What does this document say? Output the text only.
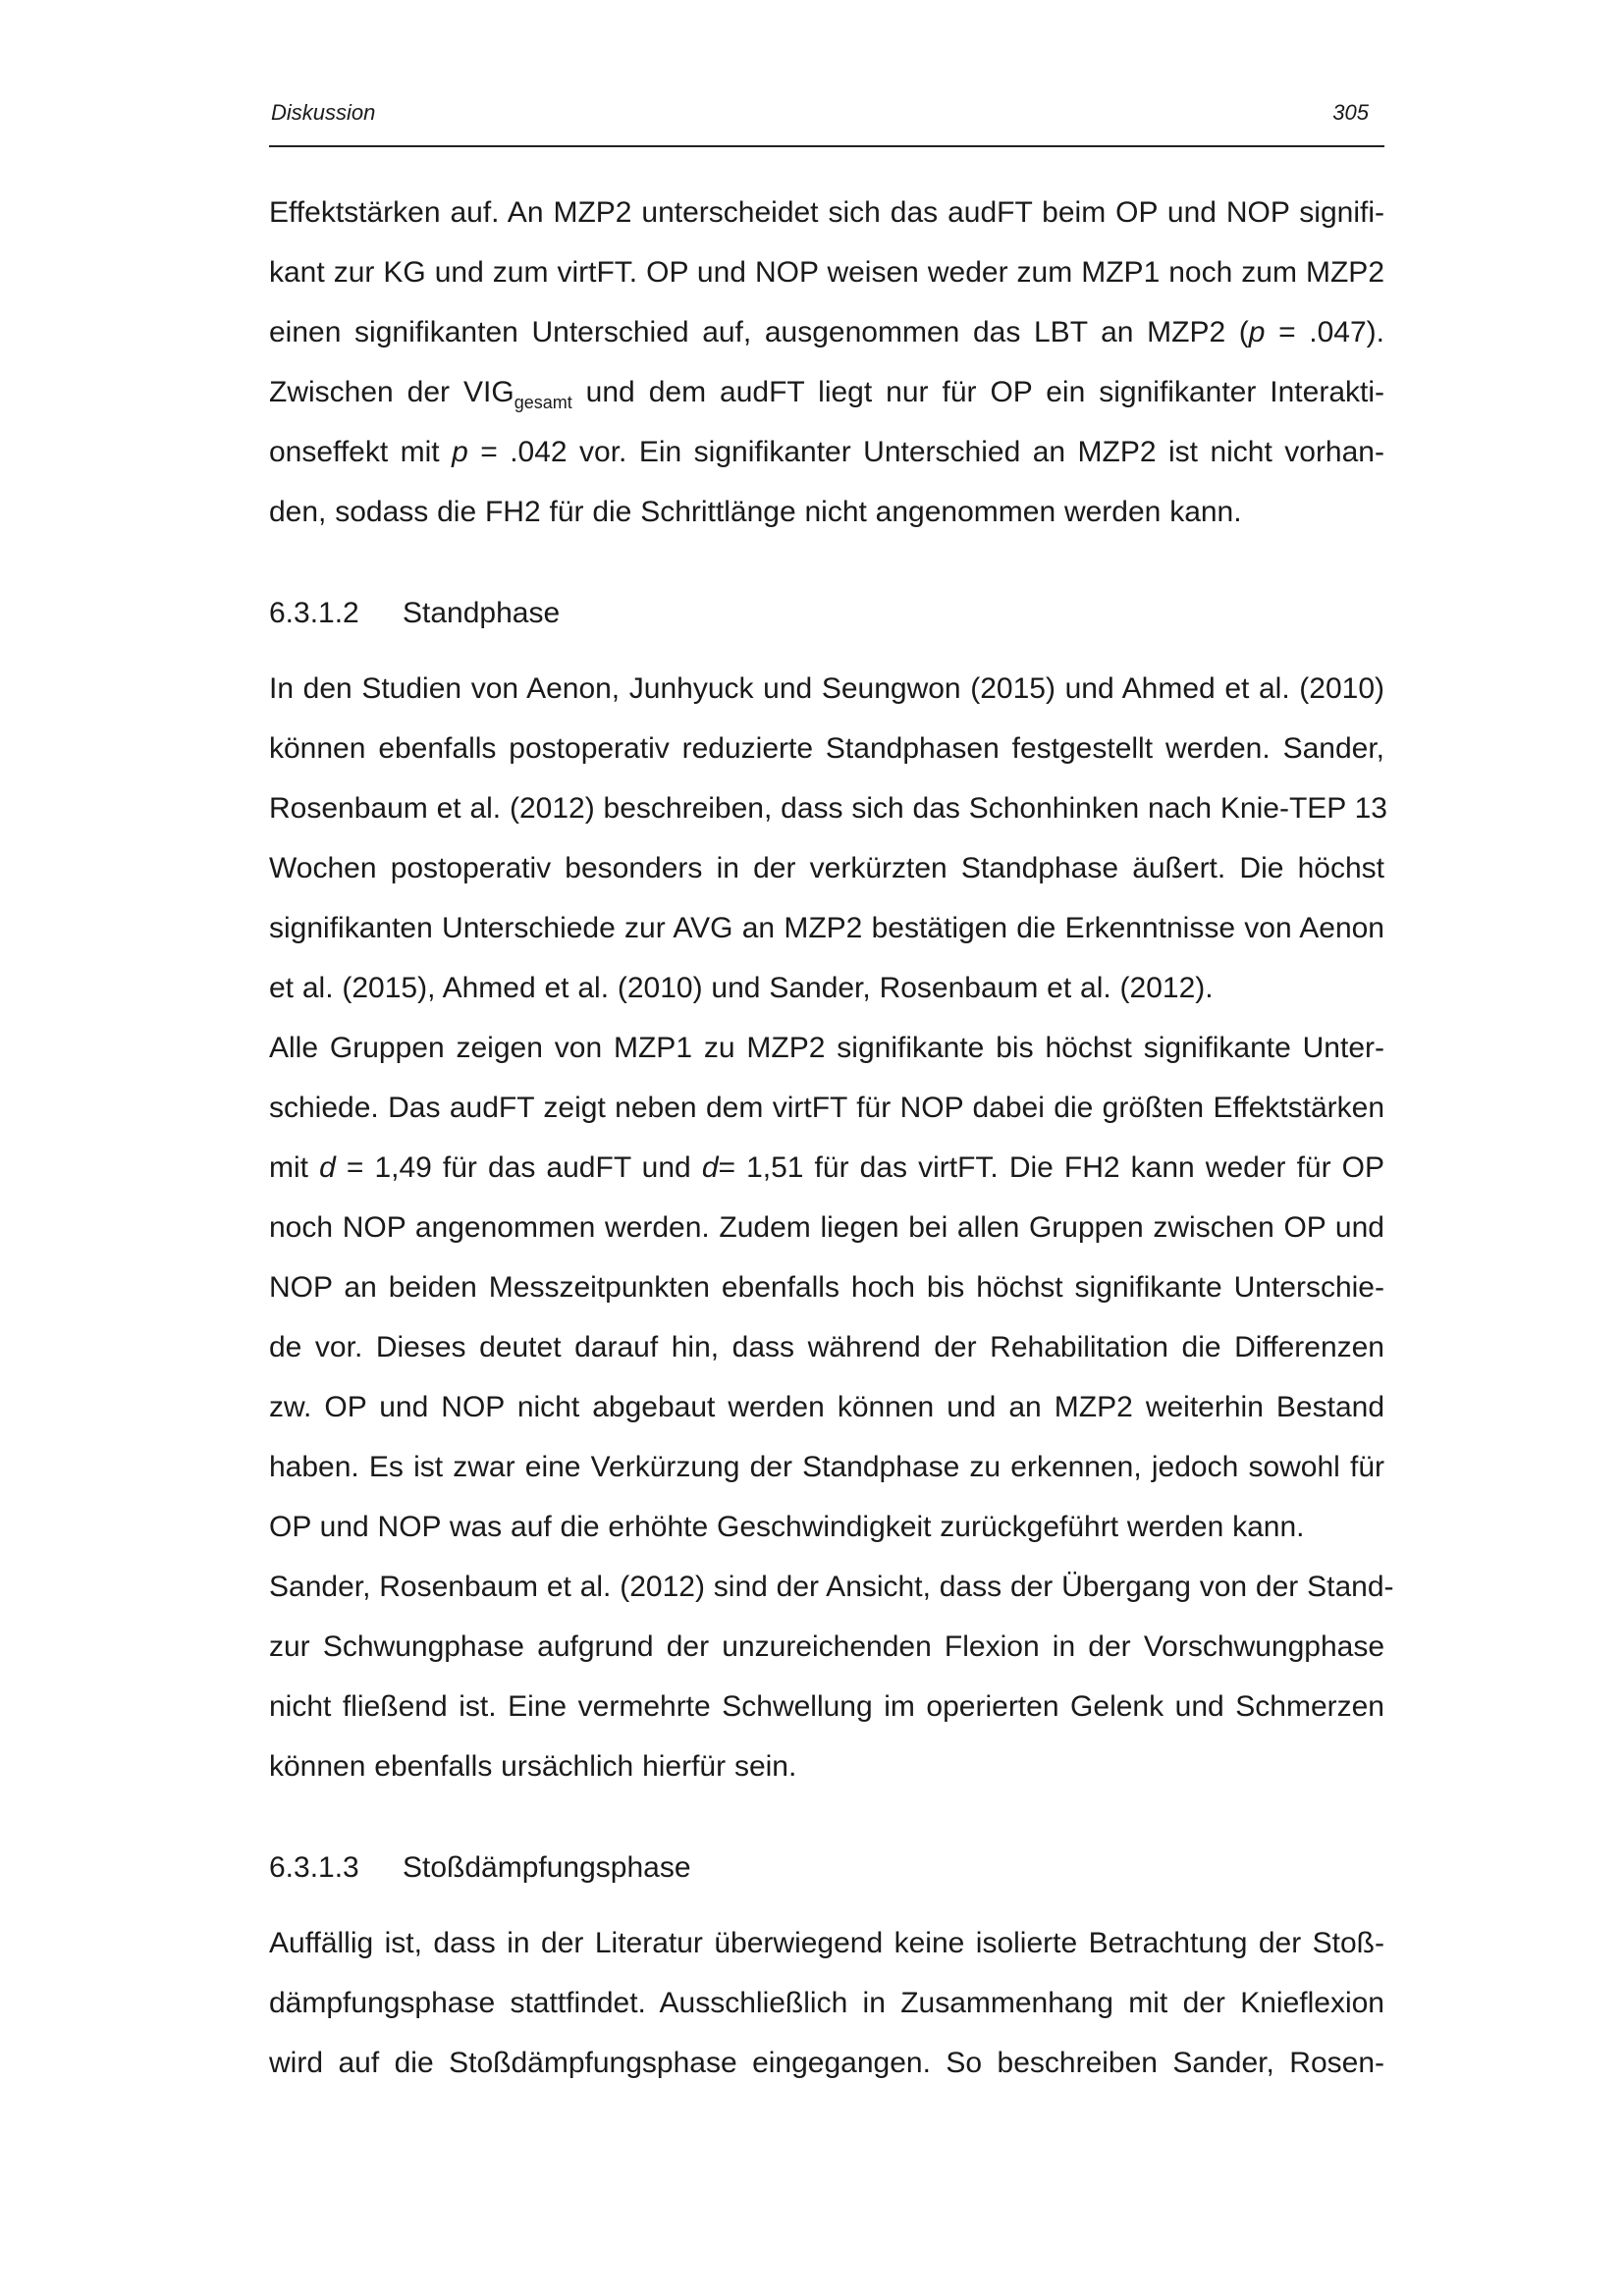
Diskussion	305

Effektstärken auf. An MZP2 unterscheidet sich das audFT beim OP und NOP signifi-
kant zur KG und zum virtFT. OP und NOP weisen weder zum MZP1 noch zum MZP2
einen signifikanten Unterschied auf, ausgenommen das LBT an MZP2 (p = .047).
Zwischen der $VIG_{gesamt}$ und dem audFT liegt nur für OP ein signifikanter Interakti-
onseffekt mit p = .042 vor. Ein signifikanter Unterschied an MZP2 ist nicht vorhan-
den, sodass die FH2 für die Schrittlänge nicht angenommen werden kann.

6.3.1.2 Standphase

In den Studien von Aenon, Junhyuck und Seungwon (2015) und Ahmed et al. (2010)
können ebenfalls postoperativ reduzierte Standphasen festgestellt werden. Sander,
Rosenbaum et al. (2012) beschreiben, dass sich das Schonhinken nach Knie-TEP 13
Wochen postoperativ besonders in der verkürzten Standphase äußert. Die höchst
signifikanten Unterschiede zur AVG an MZP2 bestätigen die Erkenntnisse von Aenon
et al. (2015), Ahmed et al. (2010) und Sander, Rosenbaum et al. (2012).

Alle Gruppen zeigen von MZP1 zu MZP2 signifikante bis höchst signifikante Unter-
schiede. Das audFT zeigt neben dem virtFT für NOP dabei die größten Effektstärken
mit d = 1,49 für das audFT und d= 1,51 für das virtFT. Die FH2 kann weder für OP
noch NOP angenommen werden. Zudem liegen bei allen Gruppen zwischen OP und
NOP an beiden Messzeitpunkten ebenfalls hoch bis höchst signifikante Unterschie-
de vor. Dieses deutet darauf hin, dass während der Rehabilitation die Differenzen
zw. OP und NOP nicht abgebaut werden können und an MZP2 weiterhin Bestand
haben. Es ist zwar eine Verkürzung der Standphase zu erkennen, jedoch sowohl für
OP und NOP was auf die erhöhte Geschwindigkeit zurückgeführt werden kann.

Sander, Rosenbaum et al. (2012) sind der Ansicht, dass der Übergang von der Stand-
zur Schwungphase aufgrund der unzureichenden Flexion in der Vorschwungphase
nicht fließend ist. Eine vermehrte Schwellung im operierten Gelenk und Schmerzen
können ebenfalls ursächlich hierfür sein.

6.3.1.3 Stoßdämpfungsphase

Auffällig ist, dass in der Literatur überwiegend keine isolierte Betrachtung der Stoß-
dämpfungsphase stattfindet. Ausschließlich in Zusammenhang mit der Knieflexion
wird auf die Stoßdämpfungsphase eingegangen. So beschreiben Sander, Rosen-
